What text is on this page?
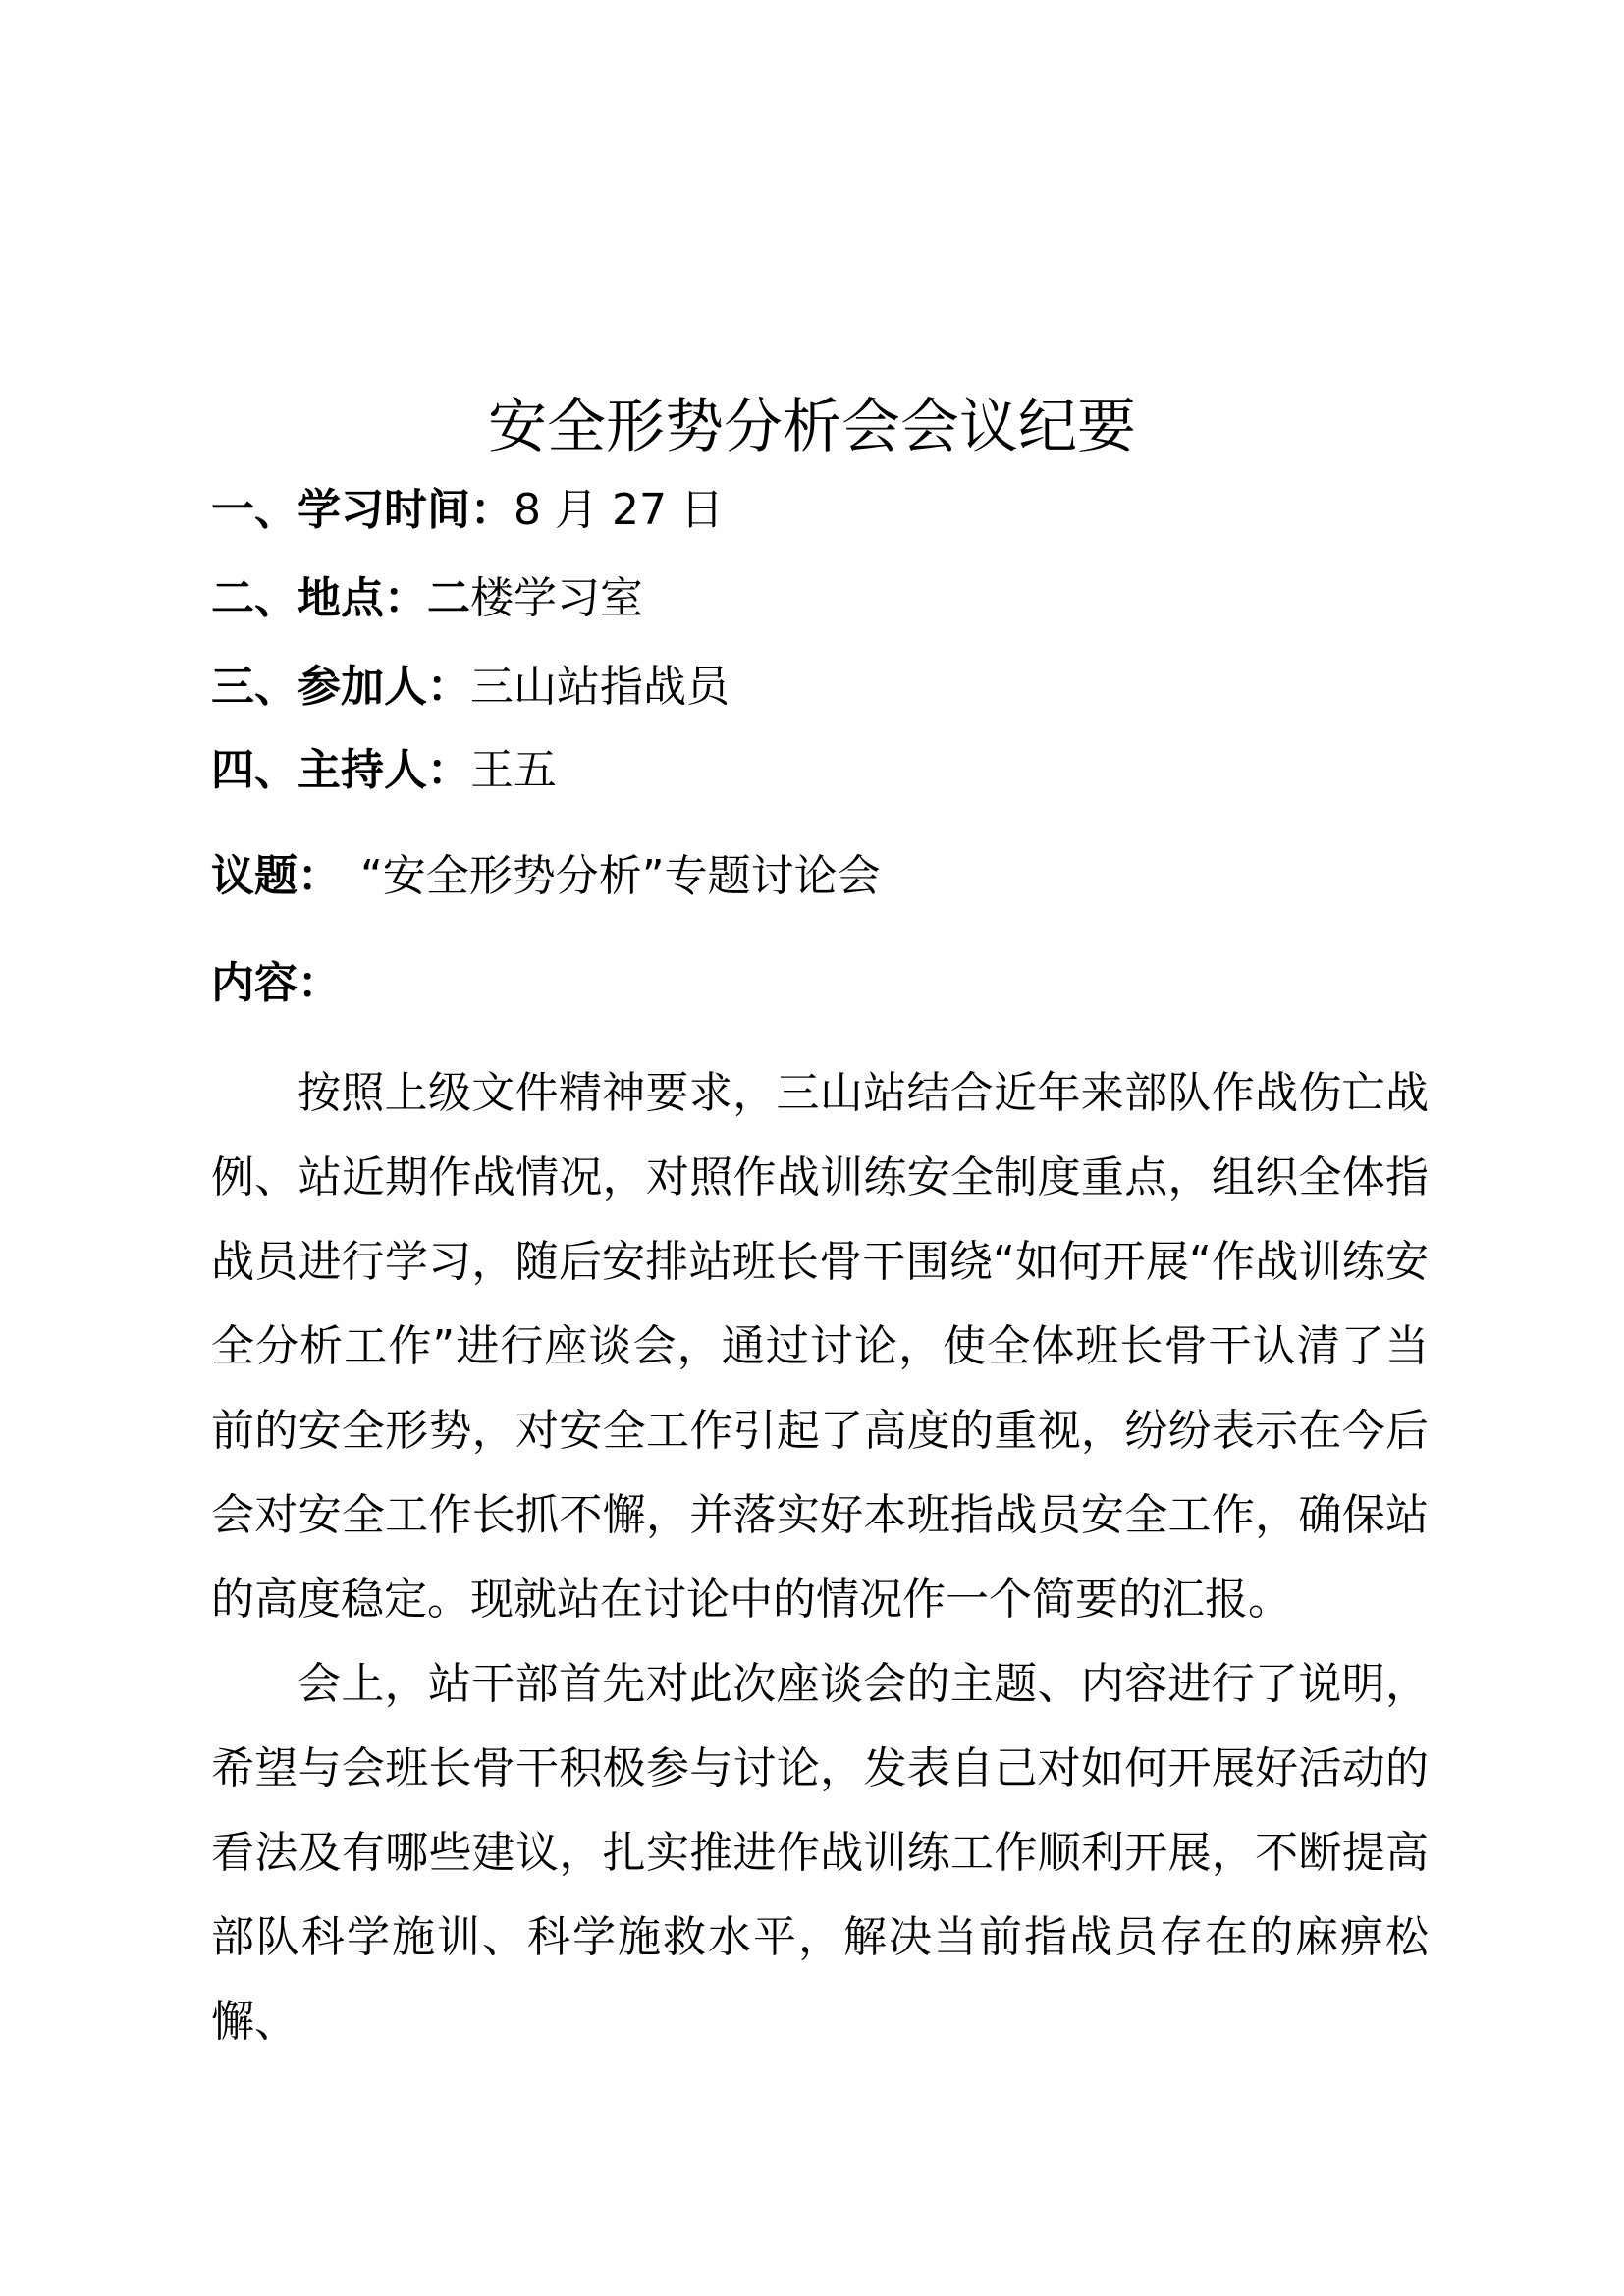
安全形势分析会会议纪要
一、学习时间：8 月 27 日
二、地点：二楼学习室
三、参加人：三山站指战员
四、主持人：王五
议题： “安全形势分析”专题讨论会
内容：

按照上级文件精神要求，三山站结合近年来部队作战伤亡战例、站近期作战情况，对照作战训练安全制度重点，组织全体指战员进行学习，随后安排站班长骨干围绕“如何开展“作战训练安全分析工作”进行座谈会，通过讨论，使全体班长骨干认清了当前的安全形势，对安全工作引起了高度的重视，纷纷表示在今后会对安全工作长抓不懈，并落实好本班指战员安全工作，确保站的高度稳定。现就站在讨论中的情况作一个简要的汇报。

会上，站干部首先对此次座谈会的主题、内容进行了说明，希望与会班长骨干积极参与讨论，发表自己对如何开展好活动的看法及有哪些建议，扎实推进作战训练工作顺利开展，不断提高部队科学施训、科学施救水平，解决当前指战员存在的麻痹松懈、
